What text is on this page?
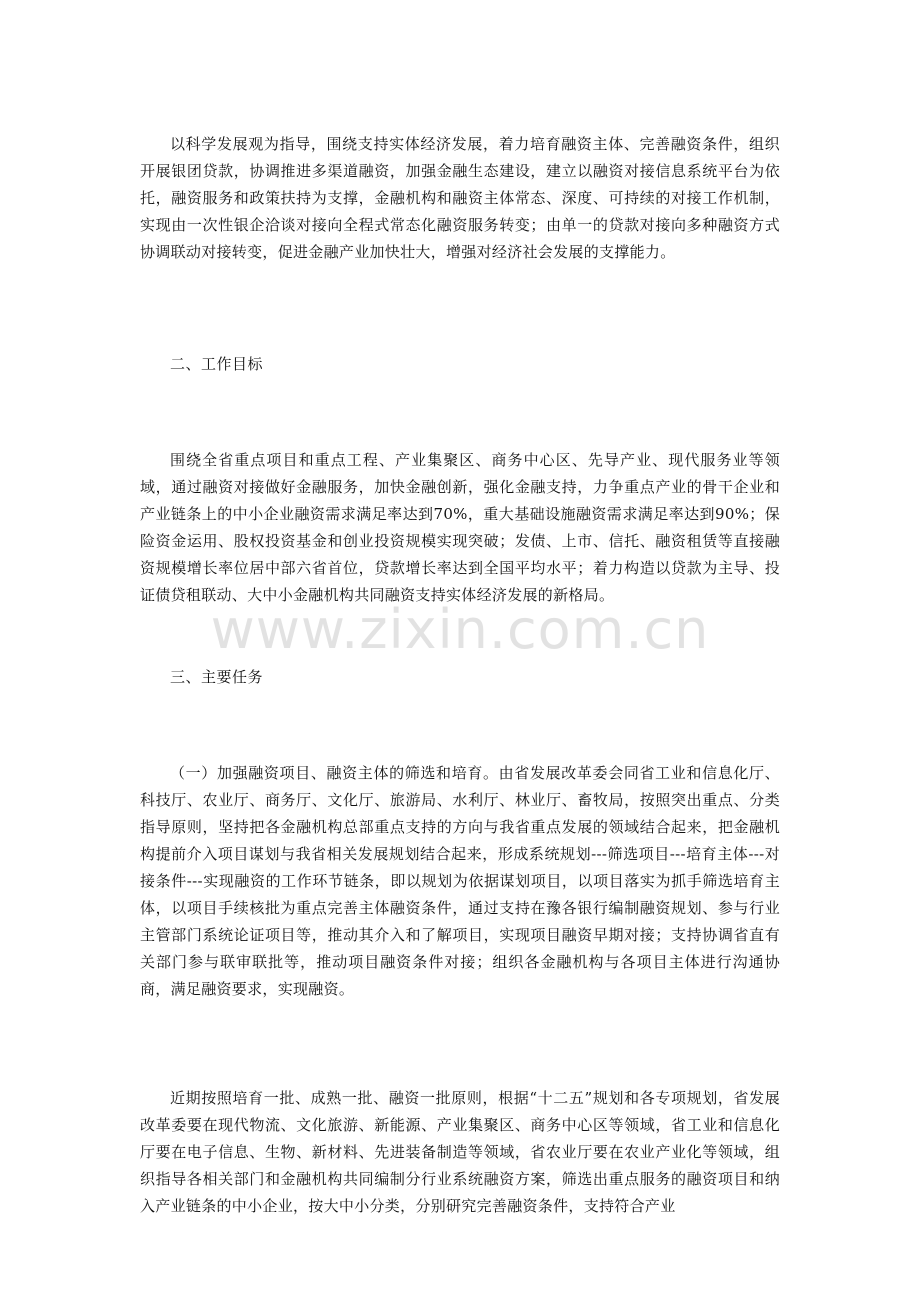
以科学发展观为指导，围绕支持实体经济发展，着力培育融资主体、完善融资条件，组织开展银团贷款，协调推进多渠道融资，加强金融生态建设，建立以融资对接信息系统平台为依托，融资服务和政策扶持为支撑，金融机构和融资主体常态、深度、可持续的对接工作机制，实现由一次性银企洽谈对接向全程式常态化融资服务转变；由单一的贷款对接向多种融资方式协调联动对接转变，促进金融产业加快壮大，增强对经济社会发展的支撑能力。

二、工作目标

围绕全省重点项目和重点工程、产业集聚区、商务中心区、先导产业、现代服务业等领域，通过融资对接做好金融服务，加快金融创新，强化金融支持，力争重点产业的骨干企业和产业链条上的中小企业融资需求满足率达到70%，重大基础设施融资需求满足率达到90%；保险资金运用、股权投资基金和创业投资规模实现突破；发债、上市、信托、融资租赁等直接融资规模增长率位居中部六省首位，贷款增长率达到全国平均水平；着力构造以贷款为主导、投证债贷租联动、大中小金融机构共同融资支持实体经济发展的新格局。

三、主要任务

（一）加强融资项目、融资主体的筛选和培育。由省发展改革委会同省工业和信息化厅、科技厅、农业厅、商务厅、文化厅、旅游局、水利厅、林业厅、畜牧局，按照突出重点、分类指导原则，坚持把各金融机构总部重点支持的方向与我省重点发展的领域结合起来，把金融机构提前介入项目谋划与我省相关发展规划结合起来，形成系统规划---筛选项目---培育主体---对接条件---实现融资的工作环节链条，即以规划为依据谋划项目，以项目落实为抓手筛选培育主体，以项目手续核批为重点完善主体融资条件，通过支持在豫各银行编制融资规划、参与行业主管部门系统论证项目等，推动其介入和了解项目，实现项目融资早期对接；支持协调省直有关部门参与联审联批等，推动项目融资条件对接；组织各金融机构与各项目主体进行沟通协商，满足融资要求，实现融资。

近期按照培育一批、成熟一批、融资一批原则，根据“十二五”规划和各专项规划，省发展改革委要在现代物流、文化旅游、新能源、产业集聚区、商务中心区等领域，省工业和信息化厅要在电子信息、生物、新材料、先进装备制造等领域，省农业厅要在农业产业化等领域，组织指导各相关部门和金融机构共同编制分行业系统融资方案，筛选出重点服务的融资项目和纳入产业链条的中小企业，按大中小分类，分别研究完善融资条件，支持符合产业

www.zixin.com.cn
